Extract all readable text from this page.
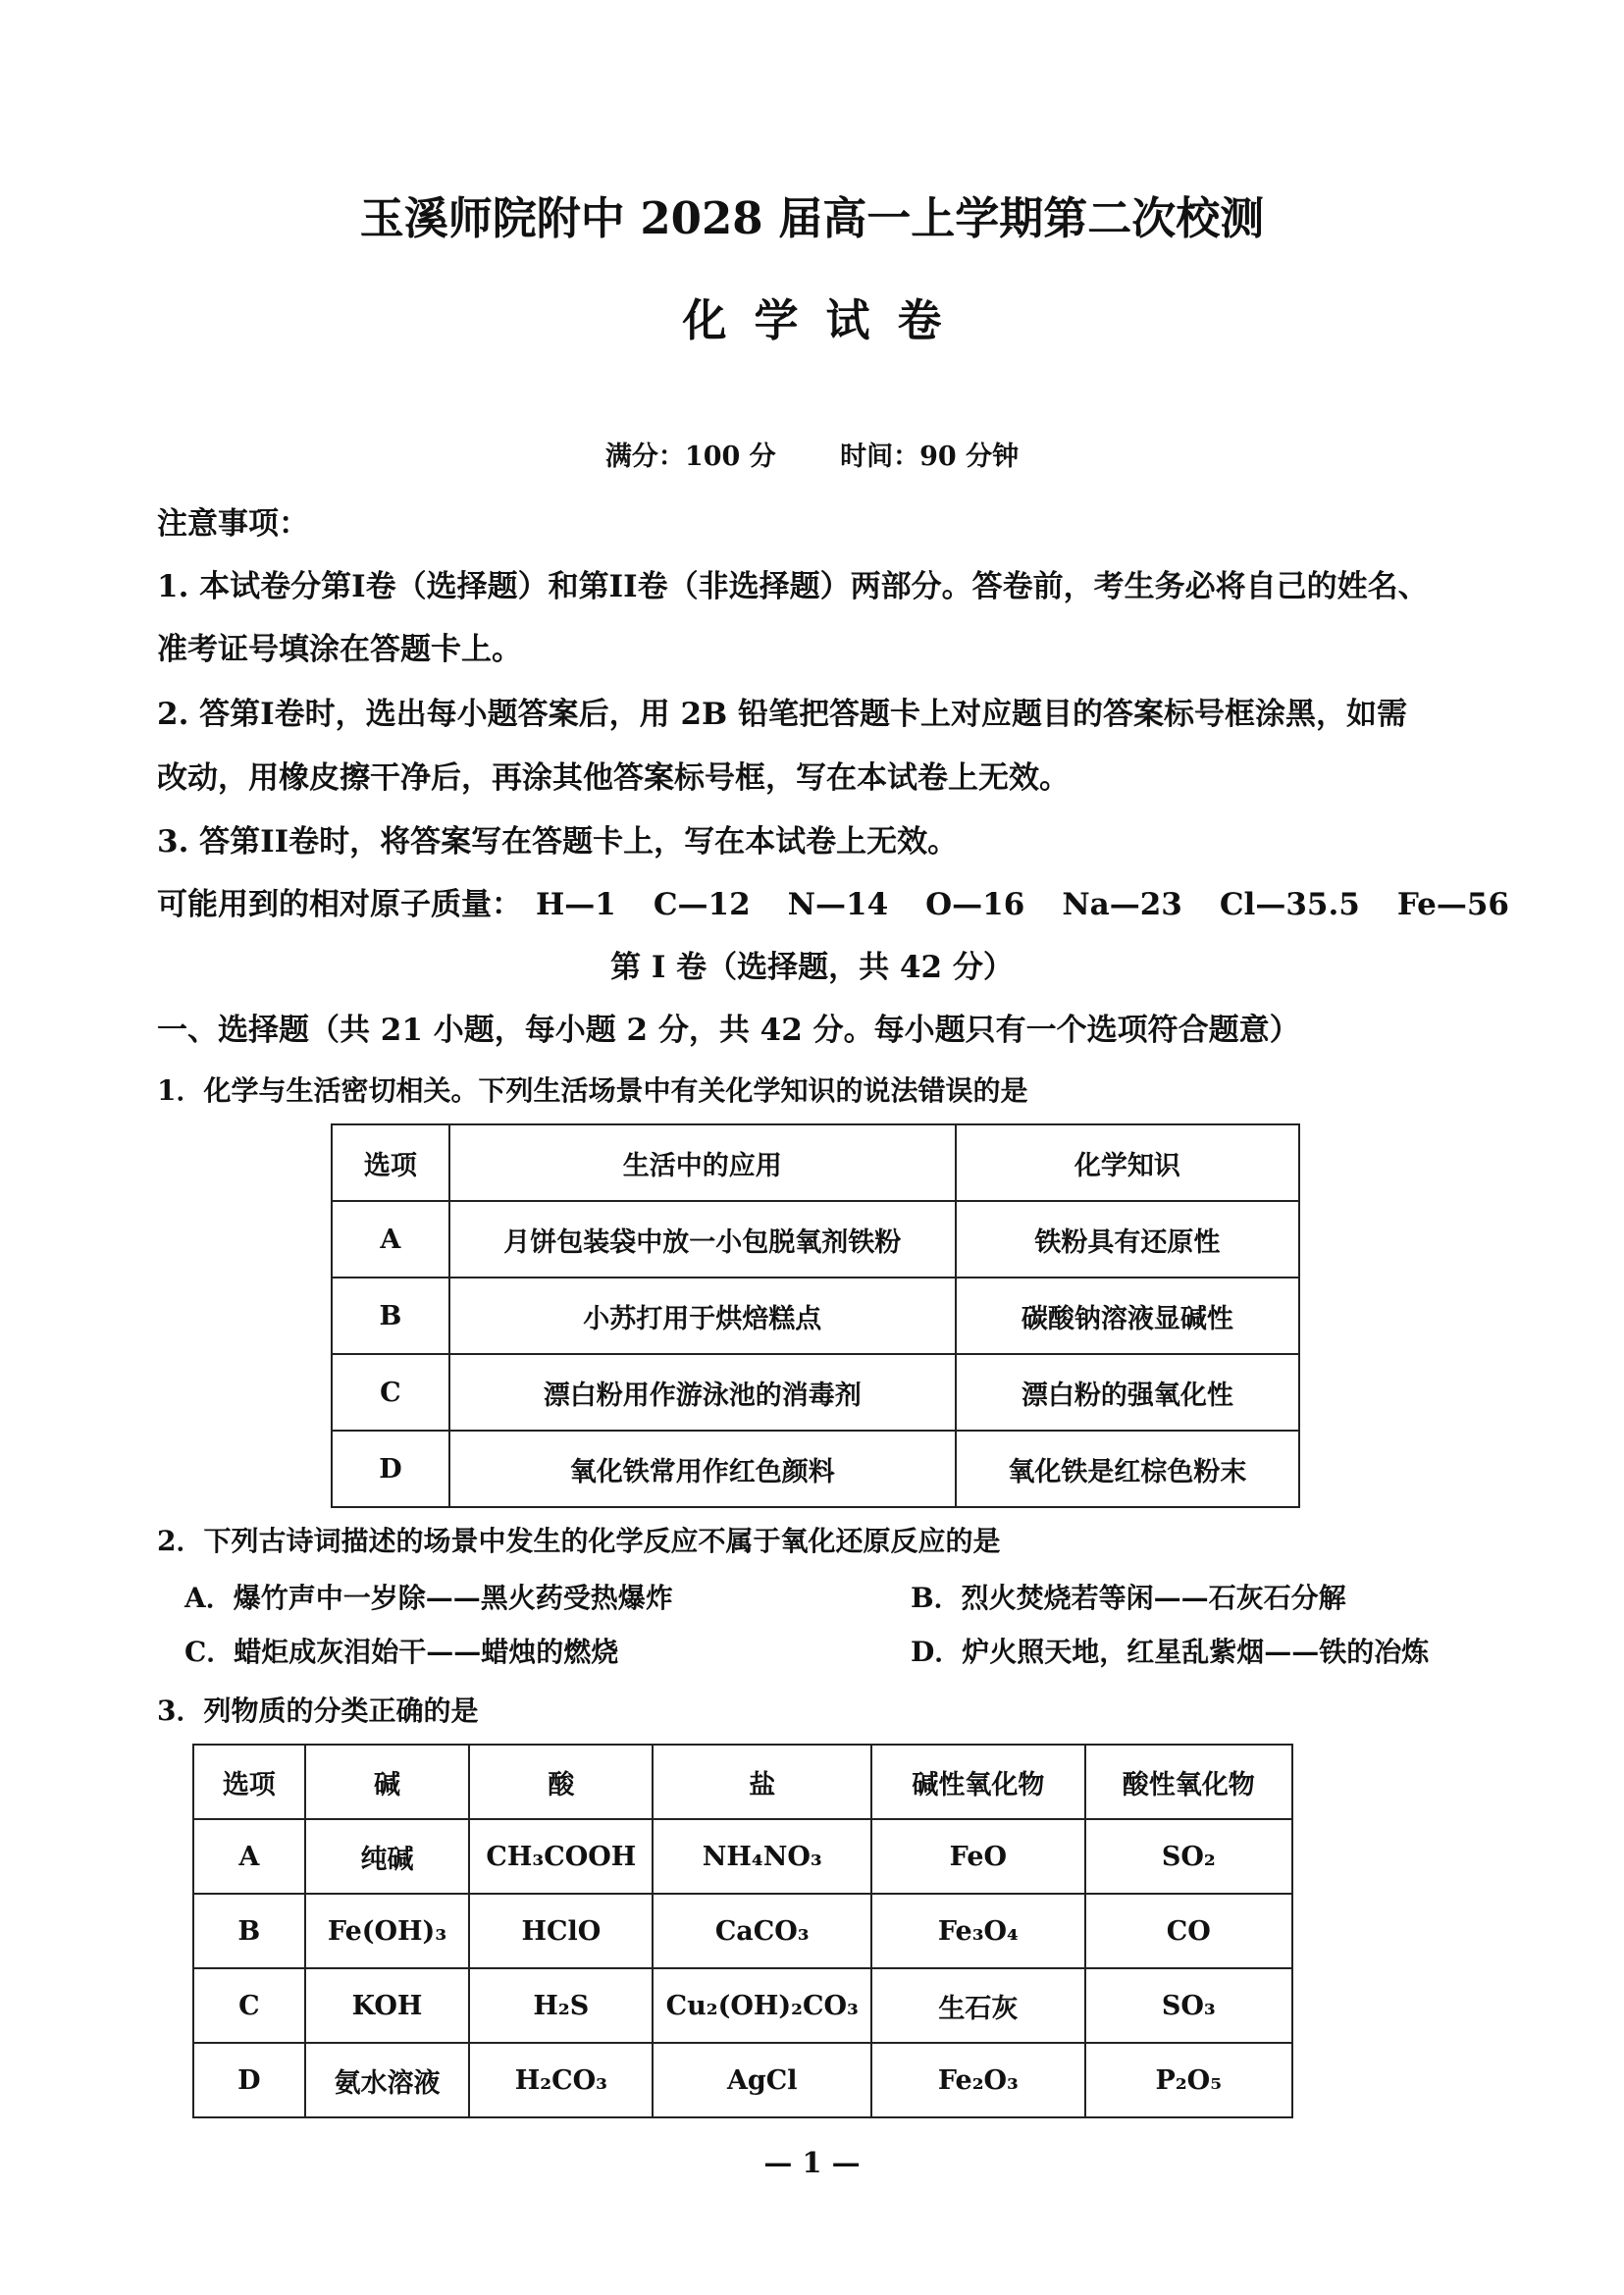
玉溪师院附中 2028 届高一上学期第二次校测
化学试卷
满分：100 分 时间：90 分钟
注意事项：
1. 本试卷分第I卷（选择题）和第II卷（非选择题）两部分。答卷前，考生务必将自己的姓名、
准考证号填涂在答题卡上。
2. 答第I卷时，选出每小题答案后，用 2B 铅笔把答题卡上对应题目的答案标号框涂黑，如需
改动，用橡皮擦干净后，再涂其他答案标号框，写在本试卷上无效。
3. 答第II卷时，将答案写在答题卡上，写在本试卷上无效。
可能用到的相对原子质量： H—1 C—12 N—14 O—16 Na—23 Cl—35.5 Fe—56
第 I 卷（选择题，共 42 分）
一、选择题（共 21 小题，每小题 2 分，共 42 分。每小题只有一个选项符合题意）
1．化学与生活密切相关。下列生活场景中有关化学知识的说法错误的是
选项	生活中的应用	化学知识
A	月饼包装袋中放一小包脱氧剂铁粉	铁粉具有还原性
B	小苏打用于烘焙糕点	碳酸钠溶液显碱性
C	漂白粉用作游泳池的消毒剂	漂白粉的强氧化性
D	氧化铁常用作红色颜料	氧化铁是红棕色粉末
2．下列古诗词描述的场景中发生的化学反应不属于氧化还原反应的是
A．爆竹声中一岁除——黑火药受热爆炸	B．烈火焚烧若等闲——石灰石分解
C．蜡炬成灰泪始干——蜡烛的燃烧	D．炉火照天地，红星乱紫烟——铁的冶炼
3．列物质的分类正确的是
选项	碱	酸	盐	碱性氧化物	酸性氧化物
A	纯碱	CH₃COOH	NH₄NO₃	FeO	SO₂
B	Fe(OH)₃	HClO	CaCO₃	Fe₃O₄	CO
C	KOH	H₂S	Cu₂(OH)₂CO₃	生石灰	SO₃
D	氨水溶液	H₂CO₃	AgCl	Fe₂O₃	P₂O₅
— 1 —
